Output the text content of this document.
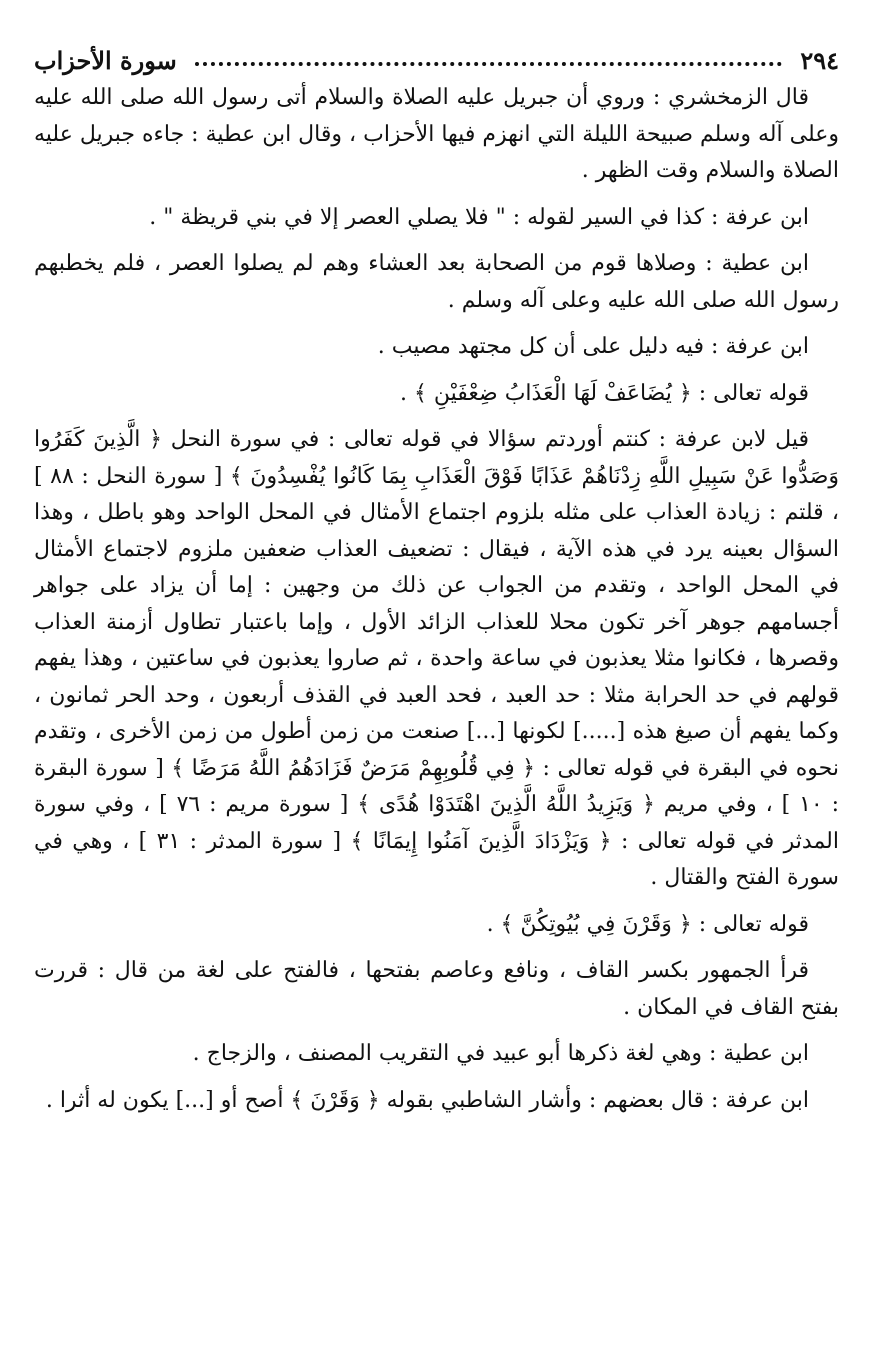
٢٩٤
سورة الأحزاب

قال الزمخشري : وروي أن جبريل عليه الصلاة والسلام أتى رسول الله صلى الله عليه وعلى آله وسلم صبيحة الليلة التي انهزم فيها الأحزاب ، وقال ابن عطية : جاءه جبريل عليه الصلاة والسلام وقت الظهر .

ابن عرفة : كذا في السير لقوله : " فلا يصلي العصر إلا في بني قريظة " .

ابن عطية : وصلاها قوم من الصحابة بعد العشاء وهم لم يصلوا العصر ، فلم يخطبهم رسول الله صلى الله عليه وعلى آله وسلم .

ابن عرفة : فيه دليل على أن كل مجتهد مصيب .

قوله تعالى : ﴿ يُضَاعَفْ لَهَا الْعَذَابُ ضِعْفَيْنِ ﴾ .

قيل لابن عرفة : كنتم أوردتم سؤالا في قوله تعالى : في سورة النحل ﴿ الَّذِينَ كَفَرُوا وَصَدُّوا عَنْ سَبِيلِ اللَّهِ زِدْنَاهُمْ عَذَابًا فَوْقَ الْعَذَابِ بِمَا كَانُوا يُفْسِدُونَ ﴾ [ سورة النحل : ٨٨ ] ، قلتم : زيادة العذاب على مثله بلزوم اجتماع الأمثال في المحل الواحد وهو باطل ، وهذا السؤال بعينه يرد في هذه الآية ، فيقال : تضعيف العذاب ضعفين ملزوم لاجتماع الأمثال في المحل الواحد ، وتقدم من الجواب عن ذلك من وجهين : إما أن يزاد على جواهر أجسامهم جوهر آخر تكون محلا للعذاب الزائد الأول ، وإما باعتبار تطاول أزمنة العذاب وقصرها ، فكانوا مثلا يعذبون في ساعة واحدة ، ثم صاروا يعذبون في ساعتين ، وهذا يفهم قولهم في حد الحرابة مثلا : حد العبد ، فحد العبد في القذف أربعون ، وحد الحر ثمانون ، وكما يفهم أن صيغ هذه [.....] لكونها [...] صنعت من زمن أطول من زمن الأخرى ، وتقدم نحوه في البقرة في قوله تعالى : ﴿ فِي قُلُوبِهِمْ مَرَضٌ فَزَادَهُمُ اللَّهُ مَرَضًا ﴾ [ سورة البقرة : ١٠ ] ، وفي مريم ﴿ وَيَزِيدُ اللَّهُ الَّذِينَ اهْتَدَوْا هُدًى ﴾ [ سورة مريم : ٧٦ ] ، وفي سورة المدثر في قوله تعالى : ﴿ وَيَزْدَادَ الَّذِينَ آمَنُوا إِيمَانًا ﴾ [ سورة المدثر : ٣١ ] ، وهي في سورة الفتح والقتال .

قوله تعالى : ﴿ وَقَرْنَ فِي بُيُوتِكُنَّ ﴾ .

قرأ الجمهور بكسر القاف ، ونافع وعاصم بفتحها ، فالفتح على لغة من قال : قررت بفتح القاف في المكان .

ابن عطية : وهي لغة ذكرها أبو عبيد في التقريب المصنف ، والزجاج .

ابن عرفة : قال بعضهم : وأشار الشاطبي بقوله ﴿ وَقَرْنَ ﴾ أصح أو [...] يكون له أثرا .
